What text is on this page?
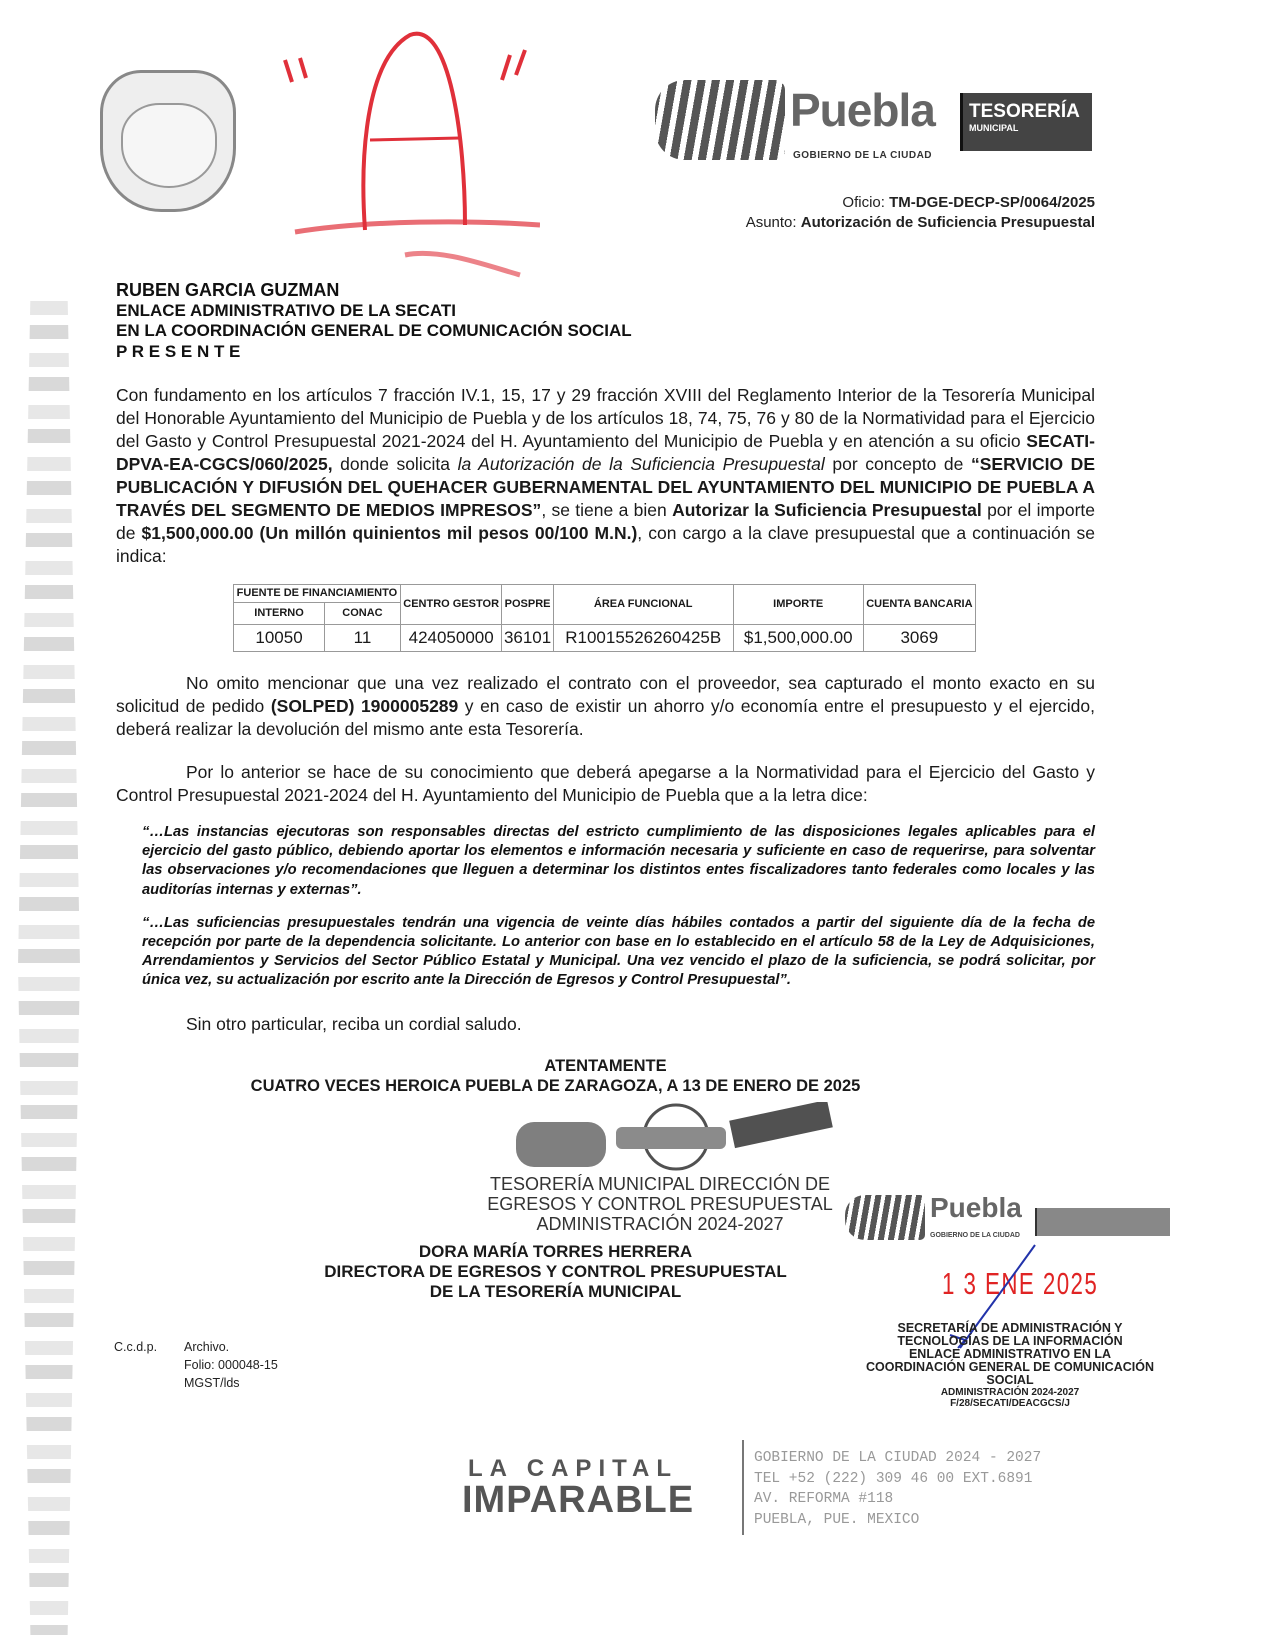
Puebla
GOBIERNO DE LA CIUDAD
TESORERÍA
MUNICIPAL
Oficio: TM-DGE-DECP-SP/0064/2025
Asunto: Autorización de Suficiencia Presupuestal
RUBEN GARCIA GUZMAN
ENLACE ADMINISTRATIVO DE LA SECATI
EN LA COORDINACIÓN GENERAL DE COMUNICACIÓN SOCIAL
P R E S E N T E

Con fundamento en los artículos 7 fracción IV.1, 15, 17 y 29 fracción XVIII del Reglamento Interior de la Tesorería Municipal del Honorable Ayuntamiento del Municipio de Puebla y de los artículos 18, 74, 75, 76 y 80 de la Normatividad para el Ejercicio del Gasto y Control Presupuestal 2021-2024 del H. Ayuntamiento del Municipio de Puebla y en atención a su oficio SECATI-DPVA-EA-CGCS/060/2025, donde solicita la Autorización de la Suficiencia Presupuestal por concepto de “SERVICIO DE PUBLICACIÓN Y DIFUSIÓN DEL QUEHACER GUBERNAMENTAL DEL AYUNTAMIENTO DEL MUNICIPIO DE PUEBLA A TRAVÉS DEL SEGMENTO DE MEDIOS IMPRESOS”, se tiene a bien Autorizar la Suficiencia Presupuestal por el importe de $1,500,000.00 (Un millón quinientos mil pesos 00/100 M.N.), con cargo a la clave presupuestal que a continuación se indica:

FUENTE DE FINANCIAMIENTO		CENTRO GESTOR	POSPRE	ÁREA FUNCIONAL	IMPORTE	CUENTA BANCARIA
INTERNO	CONAC					
10050	11	424050000	36101	R10015526260425B	$1,500,000.00	3069

No omito mencionar que una vez realizado el contrato con el proveedor, sea capturado el monto exacto en su solicitud de pedido (SOLPED) 1900005289 y en caso de existir un ahorro y/o economía entre el presupuesto y el ejercido, deberá realizar la devolución del mismo ante esta Tesorería.

Por lo anterior se hace de su conocimiento que deberá apegarse a la Normatividad para el Ejercicio del Gasto y Control Presupuestal 2021-2024 del H. Ayuntamiento del Municipio de Puebla que a la letra dice:

“…Las instancias ejecutoras son responsables directas del estricto cumplimiento de las disposiciones legales aplicables para el ejercicio del gasto público, debiendo aportar los elementos e información necesaria y suficiente en caso de requerirse, para solventar las observaciones y/o recomendaciones que lleguen a determinar los distintos entes fiscalizadores tanto federales como locales y las auditorías internas y externas”.

“…Las suficiencias presupuestales tendrán una vigencia de veinte días hábiles contados a partir del siguiente día de la fecha de recepción por parte de la dependencia solicitante. Lo anterior con base en lo establecido en el artículo 58 de la Ley de Adquisiciones, Arrendamientos y Servicios del Sector Público Estatal y Municipal. Una vez vencido el plazo de la suficiencia, se podrá solicitar, por única vez, su actualización por escrito ante la Dirección de Egresos y Control Presupuestal”.

Sin otro particular, reciba un cordial saludo.

ATENTAMENTE
CUATRO VECES HEROICA PUEBLA DE ZARAGOZA, A 13 DE ENERO DE 2025
TESORERÍA MUNICIPAL DIRECCIÓN DE EGRESOS Y CONTROL PRESUPUESTAL ADMINISTRACIÓN 2024-2027
DORA MARÍA TORRES HERRERA
DIRECTORA DE EGRESOS Y CONTROL PRESUPUESTAL
DE LA TESORERÍA MUNICIPAL
Puebla
GOBIERNO DE LA CIUDAD
1 3 ENE 2025
SECRETARÍA DE ADMINISTRACIÓN Y TECNOLOGÍAS DE LA INFORMACIÓN
ENLACE ADMINISTRATIVO EN LA COORDINACIÓN GENERAL DE COMUNICACIÓN SOCIAL
ADMINISTRACIÓN 2024-2027
F/28/SECATI/DEACGCS/J
C.c.d.p. Archivo.
Folio: 000048-15
MGST/lds
LA CAPITAL
IMPARABLE
GOBIERNO DE LA CIUDAD 2024 - 2027
TEL +52 (222) 309 46 00 EXT.6891
AV. REFORMA #118
PUEBLA, PUE. MEXICO
